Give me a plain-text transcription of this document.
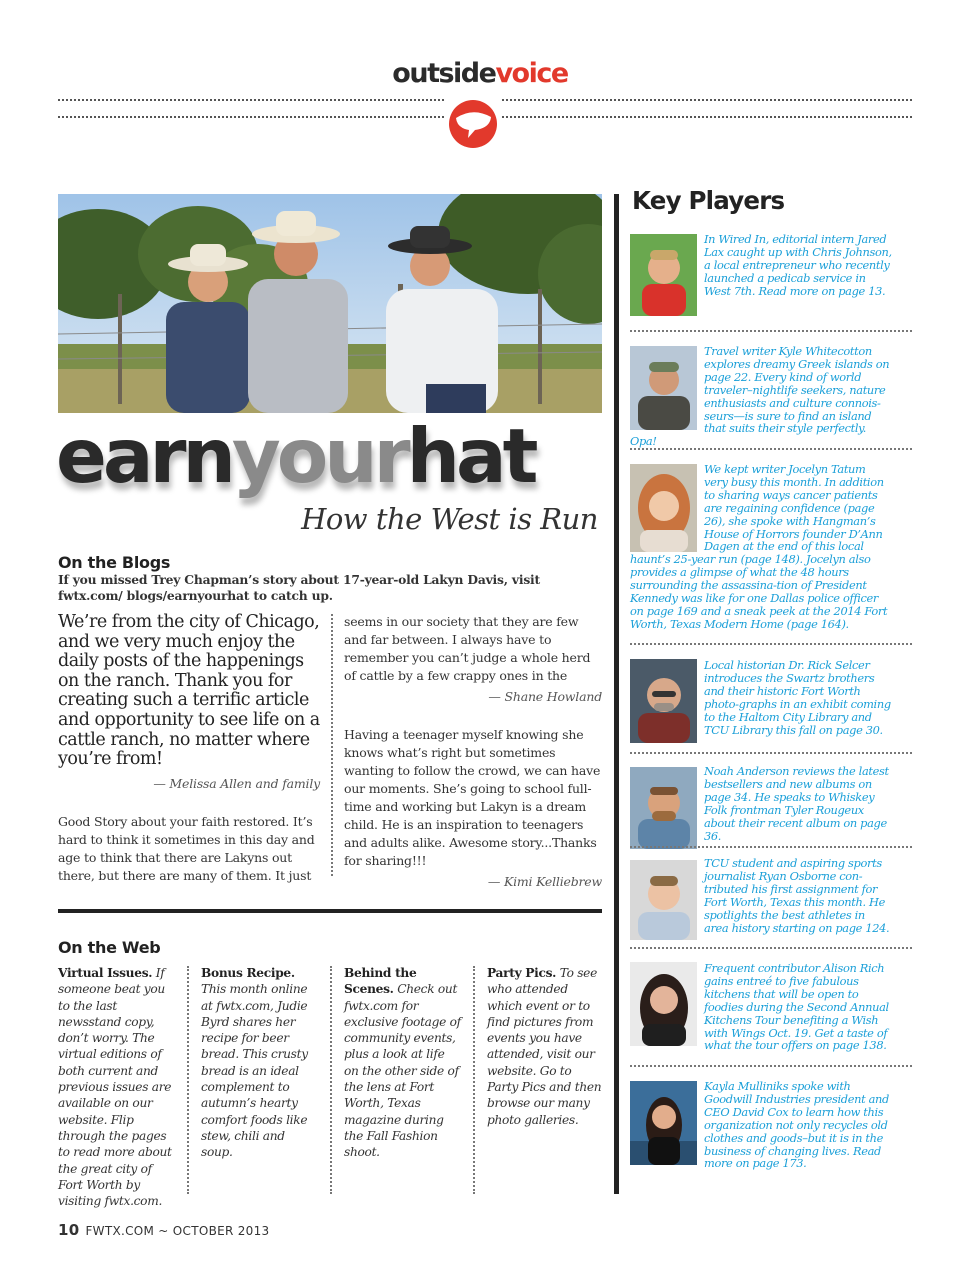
outsidevoice
earnyourhat
How the West is Run
On the Blogs
If you missed Trey Chapman’s story about 17-year-old Lakyn Davis, visit fwtx.com/ blogs/earnyourhat to catch up.
We’re from the city of Chicago, and we very much enjoy the daily posts of the happenings on the ranch. Thank you for creating such a terrific article and opportunity to see life on a cattle ranch, no matter where you’re from!
— Melissa Allen and family
Good Story about your faith restored. It’s hard to think it sometimes in this day and age to think that there are Lakyns out there, but there are many of them. It just
seems in our society that they are few and far between. I always have to remember you can’t judge a whole herd of cattle by a few crappy ones in the
— Shane Howland
Having a teenager myself knowing she knows what’s right but sometimes wanting to follow the crowd, we can have our moments. She’s going to school full-time and working but Lakyn is a dream child. He is an inspiration to teenagers and adults alike. Awesome story...Thanks for sharing!!!
— Kimi Kelliebrew
On the Web
Virtual Issues. If someone beat you to the last newsstand copy, don’t worry. The virtual editions of both current and previous issues are available on our website. Flip through the pages to read more about the great city of Fort Worth by visiting fwtx.com.
Bonus Recipe. This month online at fwtx.com, Judie Byrd shares her recipe for beer bread. This crusty bread is an ideal complement to autumn’s hearty comfort foods like stew, chili and soup.
Behind the Scenes. Check out fwtx.com for exclusive footage of community events, plus a look at life on the other side of the lens at Fort Worth, Texas magazine during the Fall Fashion shoot.
Party Pics. To see who attended which event or to find pictures from events you have attended, visit our website. Go to Party Pics and then browse our many photo galleries.
Key Players
In Wired In, editorial intern Jared Lax caught up with Chris Johnson, a local entrepreneur who recently launched a pedicab service in West 7th. Read more on page 13.
Travel writer Kyle Whitecotton explores dreamy Greek islands on page 22. Every kind of world traveler–nightlife seekers, nature enthusiasts and culture connois-seurs—is sure to find an island that suits their style perfectly. Opa!
We kept writer Jocelyn Tatum very busy this month. In addition to sharing ways cancer patients are regaining confidence (page 26), she spoke with Hangman’s House of Horrors founder D’Ann Dagen at the end of this local haunt’s 25-year run (page 148). Jocelyn also provides a glimpse of what the 48 hours surrounding the assassina-tion of President Kennedy was like for one Dallas police officer on page 169 and a sneak peek at the 2014 Fort Worth, Texas Modern Home (page 164).
Local historian Dr. Rick Selcer introduces the Swartz brothers and their historic Fort Worth photo-graphs in an exhibit coming to the Haltom City Library and TCU Library this fall on page 30.
Noah Anderson reviews the latest bestsellers and new albums on page 34. He speaks to Whiskey Folk frontman Tyler Rougeux about their recent album on page 36.
TCU student and aspiring sports journalist Ryan Osborne con-tributed his first assignment for Fort Worth, Texas this month. He spotlights the best athletes in area history starting on page 124.
Frequent contributor Alison Rich gains entreé to five fabulous kitchens that will be open to foodies during the Second Annual Kitchens Tour benefiting a Wish with Wings Oct. 19. Get a taste of what the tour offers on page 138.
Kayla Mulliniks spoke with Goodwill Industries president and CEO David Cox to learn how this organization not only recycles old clothes and goods–but it is in the business of changing lives. Read more on page 173.
10 FWTX.COM ~ OCTOBER 2013
